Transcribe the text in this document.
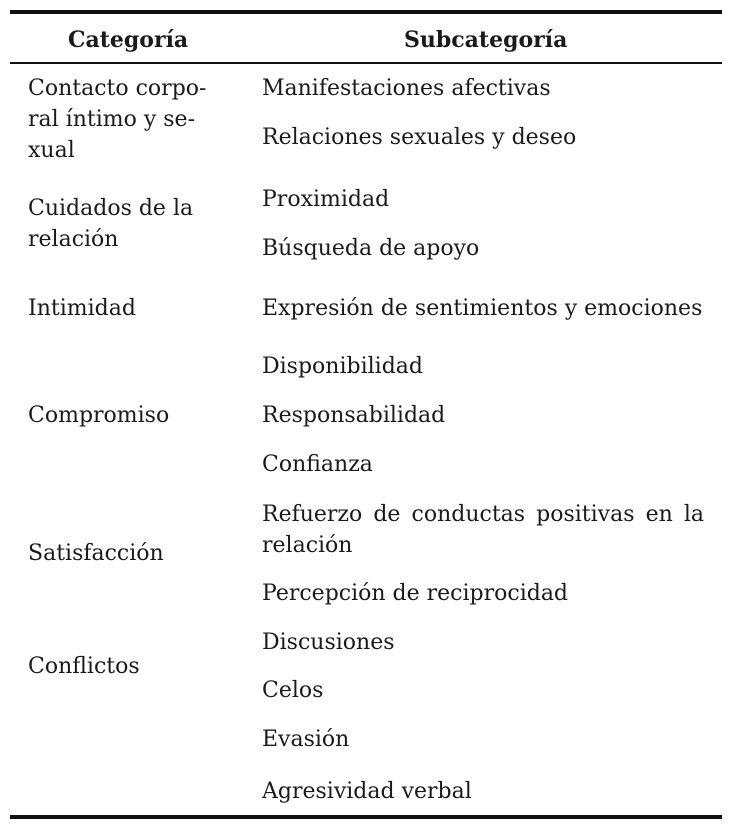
Categoría	Subcategoría
Contacto corpo- ral íntimo y se- xual
Cuidados de la relación
Intimidad
Compromiso
Satisfacción
Conflictos
Manifestaciones afectivas
Relaciones sexuales y deseo
Proximidad
Búsqueda de apoyo
Expresión de sentimientos y emociones
Disponibilidad
Responsabilidad
Confianza
Refuerzo de conductas positivas en la relación
Percepción de reciprocidad
Discusiones
Celos
Evasión
Agresividad verbal
